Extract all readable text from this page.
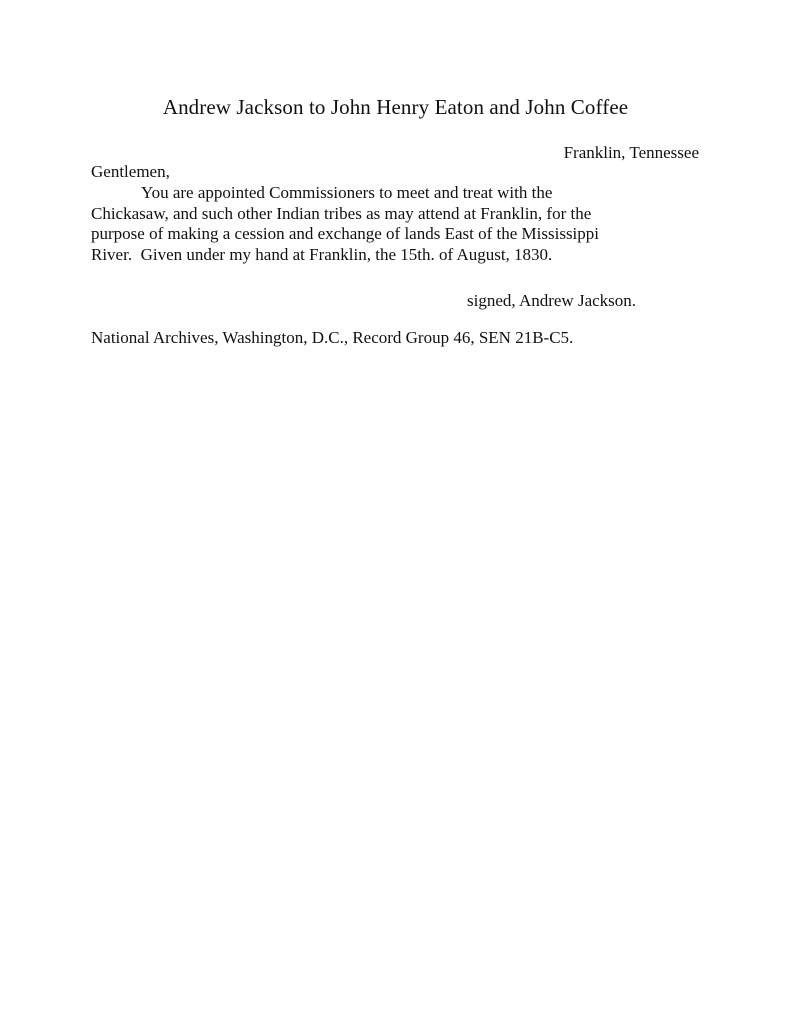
Andrew Jackson to John Henry Eaton and John Coffee
Franklin, Tennessee
Gentlemen,
You are appointed Commissioners to meet and treat with the
Chickasaw, and such other Indian tribes as may attend at Franklin, for the
purpose of making a cession and exchange of lands East of the Mississippi
River.  Given under my hand at Franklin, the 15th. of August, 1830.
signed, Andrew Jackson.
National Archives, Washington, D.C., Record Group 46, SEN 21B-C5.
